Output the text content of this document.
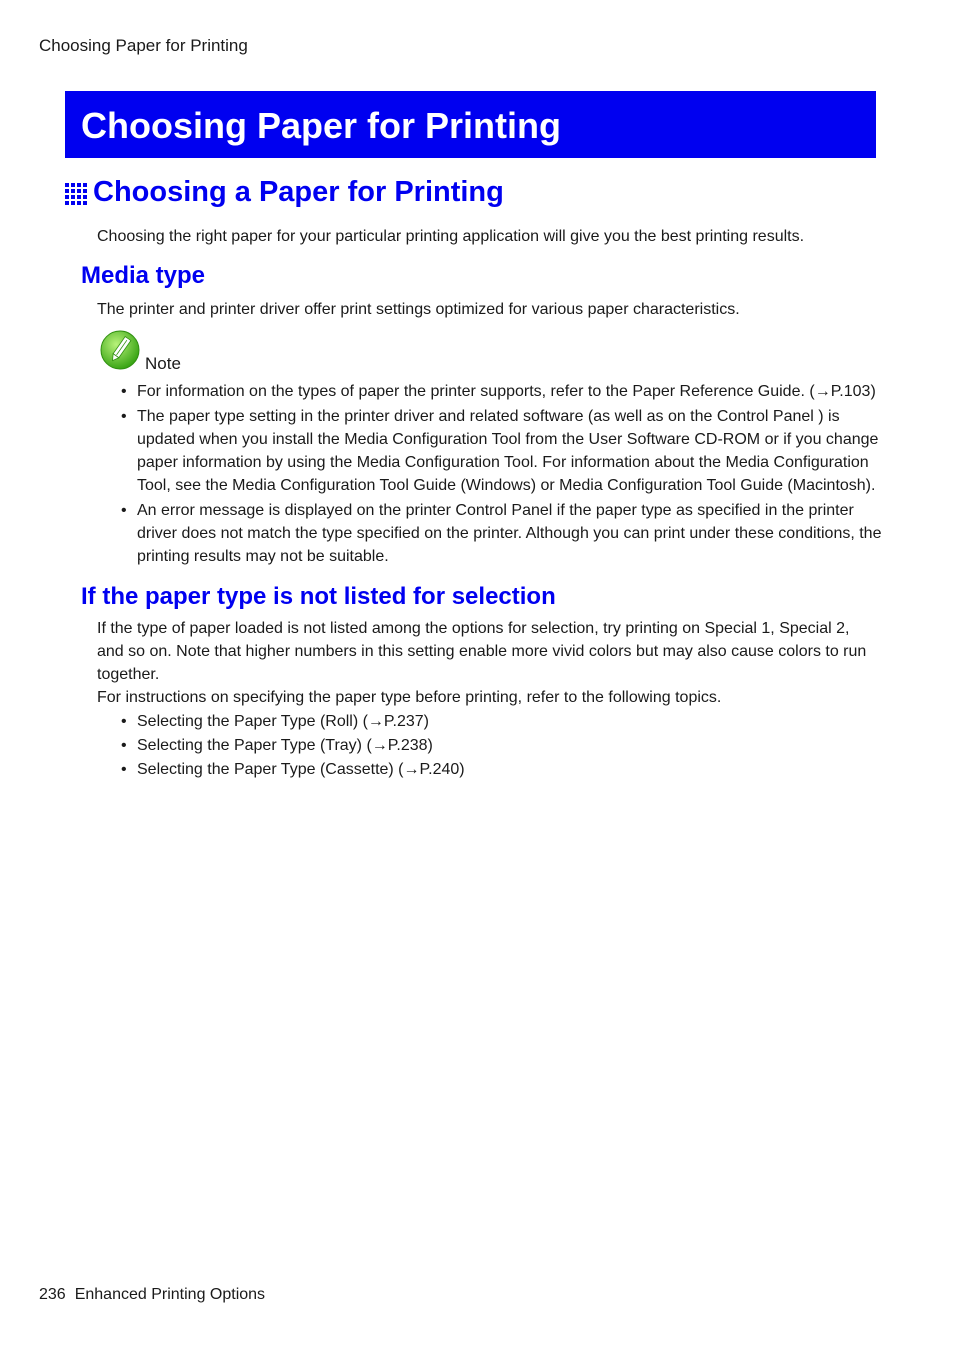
Choosing Paper for Printing
Choosing Paper for Printing
Choosing a Paper for Printing

Choosing the right paper for your particular printing application will give you the best printing results.

Media type

The printer and printer driver offer print settings optimized for various paper characteristics.

Note
• For information on the types of paper the printer supports, refer to the Paper Reference Guide. (→P.103)
• The paper type setting in the printer driver and related software (as well as on the Control Panel ) is updated when you install the Media Configuration Tool from the User Software CD-ROM or if you change paper information by using the Media Configuration Tool. For information about the Media Configuration Tool, see the Media Configuration Tool Guide (Windows) or Media Configuration Tool Guide (Macintosh).
• An error message is displayed on the printer Control Panel if the paper type as specified in the printer driver does not match the type specified on the printer. Although you can print under these conditions, the printing results may not be suitable.
If the paper type is not listed for selection

If the type of paper loaded is not listed among the options for selection, try printing on Special 1, Special 2, and so on. Note that higher numbers in this setting enable more vivid colors but may also cause colors to run together.

For instructions on specifying the paper type before printing, refer to the following topics.

• Selecting the Paper Type (Roll) (→P.237)
• Selecting the Paper Type (Tray) (→P.238)
• Selecting the Paper Type (Cassette) (→P.240)
236 Enhanced Printing Options
